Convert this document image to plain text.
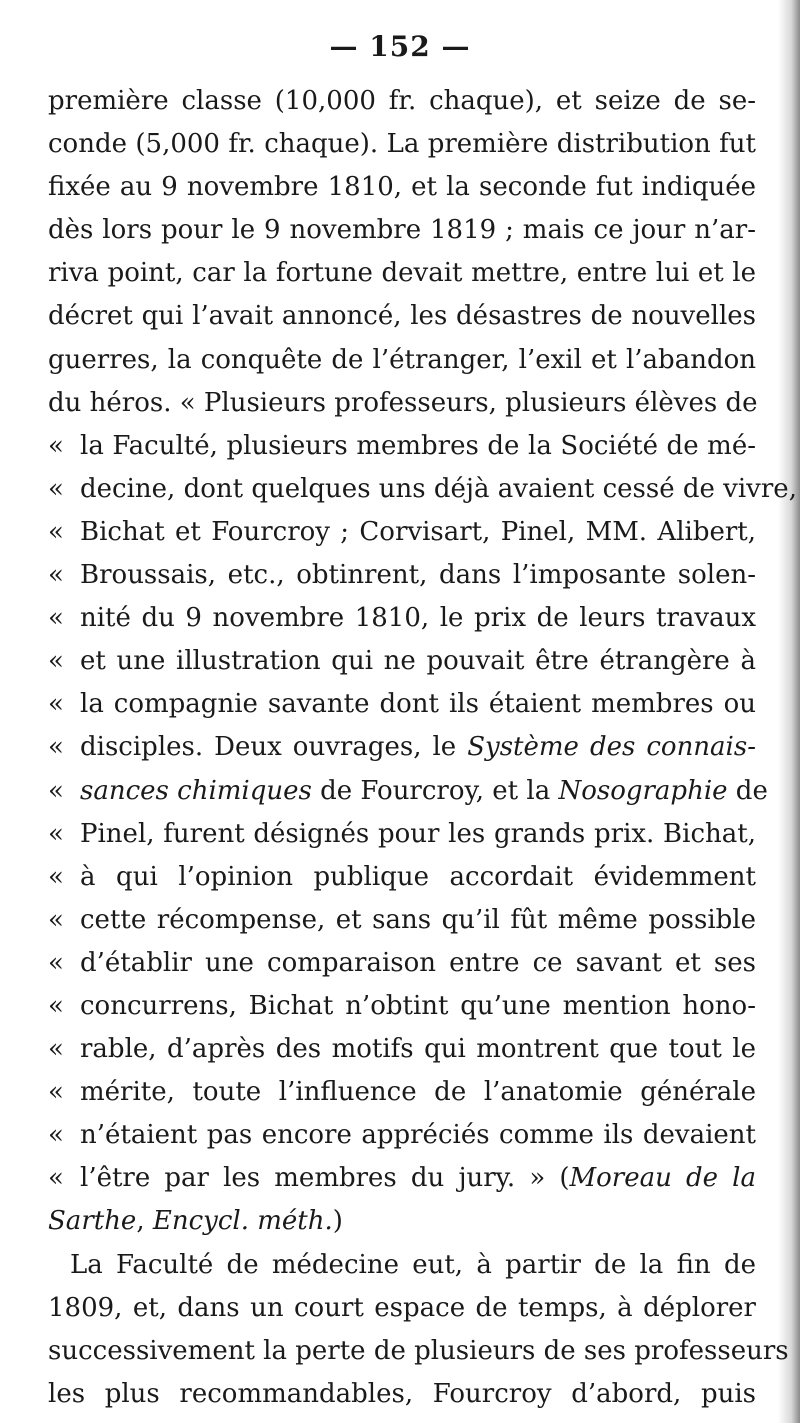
— 152 —
première classe (10,000 fr. chaque), et seize de se-
conde (5,000 fr. chaque). La première distribution fut
fixée au 9 novembre 1810, et la seconde fut indiquée
dès lors pour le 9 novembre 1819 ; mais ce jour n’ar-
riva point, car la fortune devait mettre, entre lui et le
décret qui l’avait annoncé, les désastres de nouvelles
guerres, la conquête de l’étranger, l’exil et l’abandon
du héros. « Plusieurs professeurs, plusieurs élèves de
« la Faculté, plusieurs membres de la Société de mé-
« decine, dont quelques uns déjà avaient cessé de vivre,
« Bichat et Fourcroy ; Corvisart, Pinel, MM. Alibert,
« Broussais, etc., obtinrent, dans l’imposante solen-
« nité du 9 novembre 1810, le prix de leurs travaux
« et une illustration qui ne pouvait être étrangère à
« la compagnie savante dont ils étaient membres ou
« disciples. Deux ouvrages, le Système des connais-
« sances chimiques de Fourcroy, et la Nosographie de
« Pinel, furent désignés pour les grands prix. Bichat,
« à qui l’opinion publique accordait évidemment
« cette récompense, et sans qu’il fût même possible
« d’établir une comparaison entre ce savant et ses
« concurrens, Bichat n’obtint qu’une mention hono-
« rable, d’après des motifs qui montrent que tout le
« mérite, toute l’influence de l’anatomie générale
« n’étaient pas encore appréciés comme ils devaient
« l’être par les membres du jury. » (Moreau de la
Sarthe, Encycl. méth.)
La Faculté de médecine eut, à partir de la fin de
1809, et, dans un court espace de temps, à déplorer
successivement la perte de plusieurs de ses professeurs
les plus recommandables, Fourcroy d’abord, puis
